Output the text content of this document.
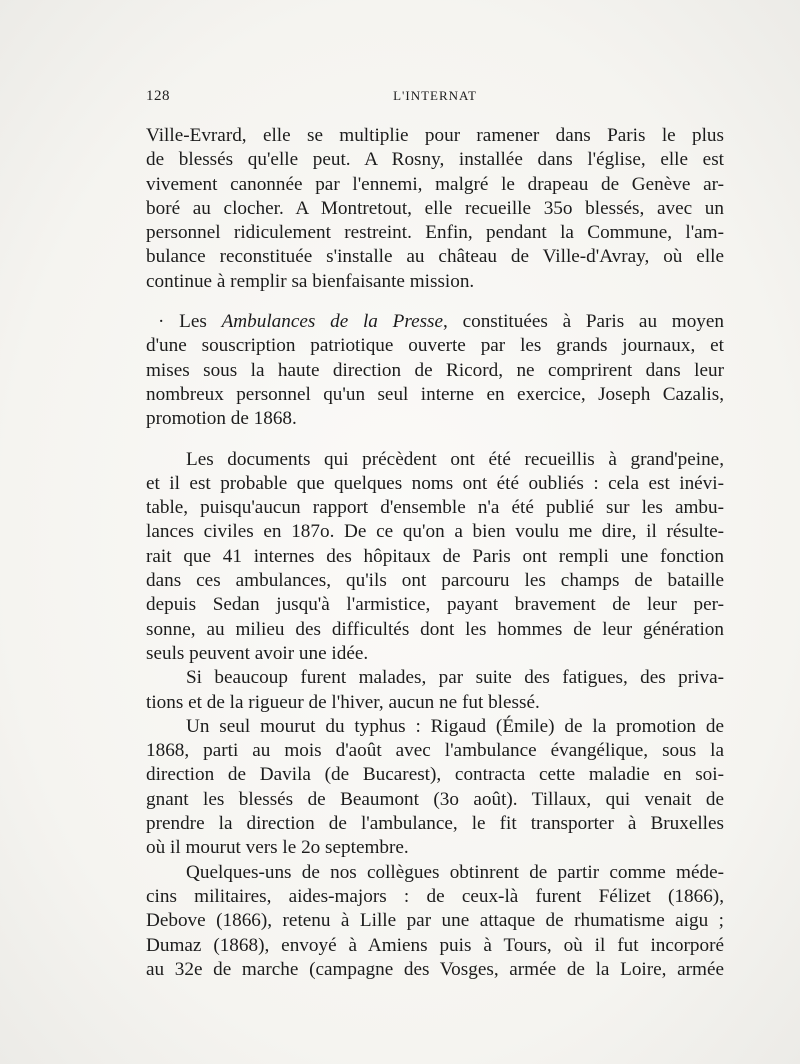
128	L'INTERNAT

Ville-Evrard, elle se multiplie pour ramener dans Paris le plus
de blessés qu'elle peut. A Rosny, installée dans l'église, elle est
vivement canonnée par l'ennemi, malgré le drapeau de Genève ar-
boré au clocher. A Montretout, elle recueille 35o blessés, avec un
personnel ridiculement restreint. Enfin, pendant la Commune, l'am-
bulance reconstituée s'installe au château de Ville-d'Avray, où elle
continue à remplir sa bienfaisante mission.

· Les Ambulances de la Presse, constituées à Paris au moyen
d'une souscription patriotique ouverte par les grands journaux, et
mises sous la haute direction de Ricord, ne comprirent dans leur
nombreux personnel qu'un seul interne en exercice, Joseph Cazalis,
promotion de 1868.

Les documents qui précèdent ont été recueillis à grand'peine,
et il est probable que quelques noms ont été oubliés : cela est inévi-
table, puisqu'aucun rapport d'ensemble n'a été publié sur les ambu-
lances civiles en 187o. De ce qu'on a bien voulu me dire, il résulte-
rait que 41 internes des hôpitaux de Paris ont rempli une fonction
dans ces ambulances, qu'ils ont parcouru les champs de bataille
depuis Sedan jusqu'à l'armistice, payant bravement de leur per-
sonne, au milieu des difficultés dont les hommes de leur génération
seuls peuvent avoir une idée.

Si beaucoup furent malades, par suite des fatigues, des priva-
tions et de la rigueur de l'hiver, aucun ne fut blessé.

Un seul mourut du typhus : Rigaud (Émile) de la promotion de
1868, parti au mois d'août avec l'ambulance évangélique, sous la
direction de Davila (de Bucarest), contracta cette maladie en soi-
gnant les blessés de Beaumont (3o août). Tillaux, qui venait de
prendre la direction de l'ambulance, le fit transporter à Bruxelles
où il mourut vers le 2o septembre.

Quelques-uns de nos collègues obtinrent de partir comme méde-
cins militaires, aides-majors : de ceux-là furent Félizet (1866),
Debove (1866), retenu à Lille par une attaque de rhumatisme aigu ;
Dumaz (1868), envoyé à Amiens puis à Tours, où il fut incorporé
au 32e de marche (campagne des Vosges, armée de la Loire, armée
